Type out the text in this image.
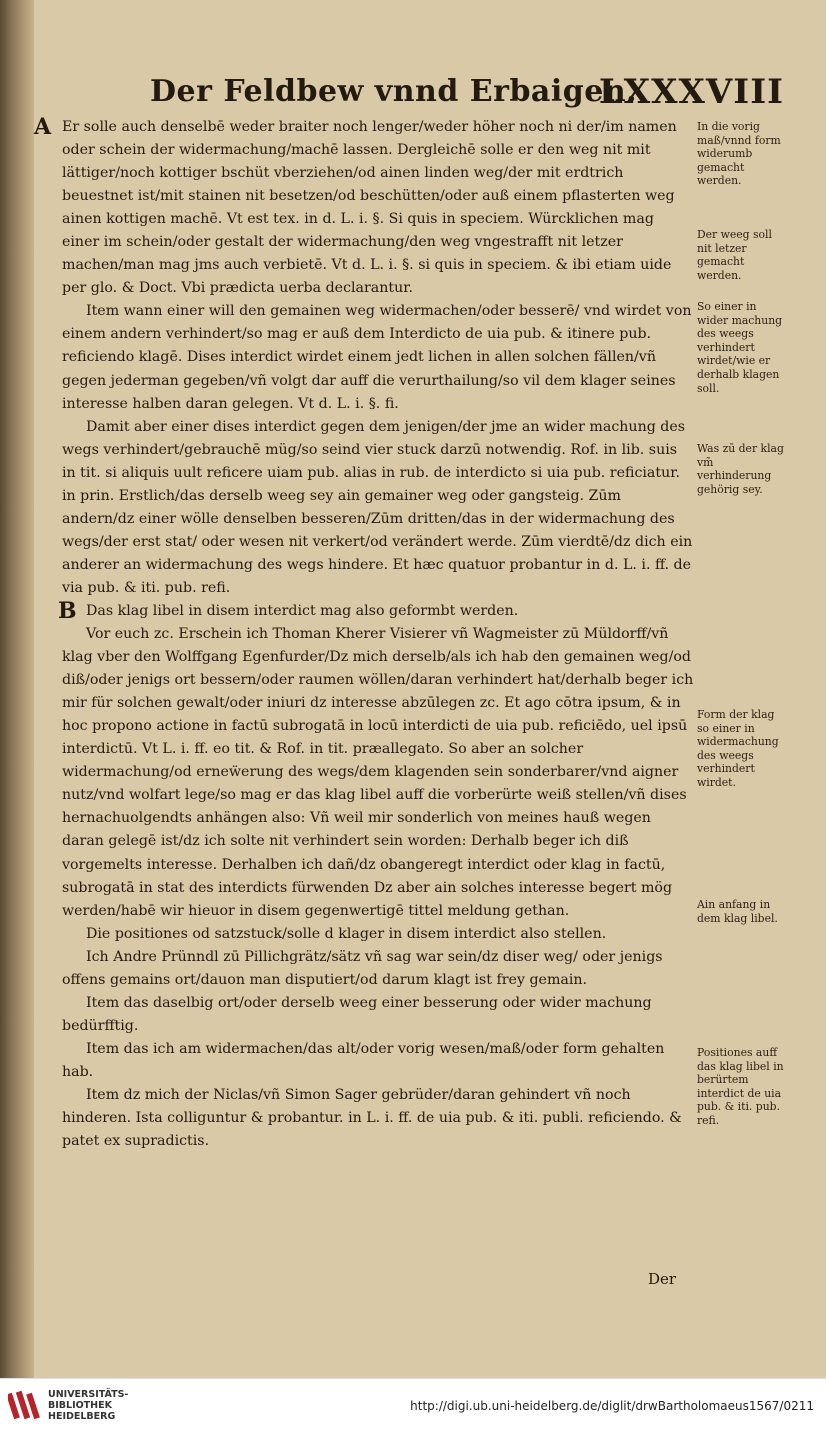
Der Feldbew vnnd Erbaigen.
LXXXVIII

A Er solle auch denselbē weder braiter noch lenger/weder höher noch ni der/im namen oder schein der widermachung/machē lassen. Dergleichē solle er den weg nit mit lättiger/noch kottiger bschüt vberziehen/od ainen linden weg/der mit erdtrich beuestnet ist/mit stainen nit besetzen/od beschütten/oder auß einem pflasterten weg ainen kottigen machē. Vt est tex. in d. L. i. §. Si quis in speciem. Würcklichen mag einer im schein/oder gestalt der widermachung/den weg vngestrafft nit letzer machen/man mag jms auch verbietē. Vt d. L. i. §. si quis in speciem. & ibi etiam uide per glo. & Doct. Vbi prædicta uerba declarantur.

Item wann einer will den gemainen weg widermachen/oder besserē/ vnd wirdet von einem andern verhindert/so mag er auß dem Interdicto de uia pub. & itinere pub. reficiendo klagē. Dises interdict wirdet einem jedt lichen in allen solchen fällen/vñ gegen jederman gegeben/vñ volgt dar auff die verurthailung/so vil dem klager seines interesse halben daran gelegen. Vt d. L. i. §. fi.

Damit aber einer dises interdict gegen dem jenigen/der jme an wider machung des wegs verhindert/gebrauchē müg/so seind vier stuck darzū notwendig. Rof. in lib. suis in tit. si aliquis uult reficere uiam pub. alias in rub. de interdicto si uia pub. reficiatur. in prin. Erstlich/das derselb weeg sey ain gemainer weg oder gangsteig. Zūm andern/dz einer wölle denselben besseren/Zūm dritten/das in der widermachung des wegs/der erst stat/ oder wesen nit verkert/od verändert werde. Zūm vierdtē/dz dich ein anderer an widermachung des wegs hindere. Et hæc quatuor probantur in d. L. i. ff. de via pub. & iti. pub. refi.

B Das klag libel in disem interdict mag also geformbt werden.

Vor euch zc. Erschein ich Thoman Kherer Visierer vñ Wagmeister zū Müldorff/vñ klag vber den Wolffgang Egenfurder/Dz mich derselb/als ich hab den gemainen weg/od diß/oder jenigs ort bessern/oder raumen wöllen/daran verhindert hat/derhalb beger ich mir für solchen gewalt/oder iniuri dz interesse abzūlegen zc. Et ago cōtra ipsum, & in hoc propono actione in factū subrogatā in locū interdicti de uia pub. reficiēdo, uel ipsū interdictū. Vt L. i. ff. eo tit. & Rof. in tit. præallegato. So aber an solcher widermachung/od erneẅerung des wegs/dem klagenden sein sonderbarer/vnd aigner nutz/vnd wolfart lege/so mag er das klag libel auff die vorberürte weiß stellen/vñ dises hernachuolgendts anhängen also: Vñ weil mir sonderlich von meines hauß wegen daran gelegē ist/dz ich solte nit verhindert sein worden: Derhalb beger ich diß vorgemelts interesse. Derhalben ich dañ/dz obangeregt interdict oder klag in factū, subrogatā in stat des interdicts fürwenden Dz aber ain solches interesse begert mög werden/habē wir hieuor in disem gegenwertigē tittel meldung gethan.

Die positiones od satzstuck/solle d klager in disem interdict also stellen.

Ich Andre Prünndl zū Pillichgrätz/sätz vñ sag war sein/dz diser weg/ oder jenigs offens gemains ort/dauon man disputiert/od darum klagt ist frey gemain.

Item das daselbig ort/oder derselb weeg einer besserung oder wider machung bedürfftig.

Item das ich am widermachen/das alt/oder vorig wesen/maß/oder form gehalten hab.

Item dz mich der Niclas/vñ Simon Sager gebrüder/daran gehindert vñ noch hinderen. Ista colliguntur & probantur. in L. i. ff. de uia pub. & iti. publi. reficiendo. & patet ex supradictis.

In die vorig maß/vnnd form widerumb gemacht werden.
Der weeg soll nit letzer gemacht werden.
So einer in wider machung des weegs verhindert wirdet/wie er derhalb klagen soll.
Was zū der klag vm̃ verhinderung gehörig sey.
Form der klag so einer in widermachung des weegs verhindert wirdet.
Ain anfang in dem klag libel.
Positiones auff das klag libel in berürtem interdict de uia pub. & iti. pub. refi.
Der
UNIVERSITÄTS-
BIBLIOTHEK
HEIDELBERG
http://digi.ub.uni-heidelberg.de/diglit/drwBartholomaeus1567/0211
